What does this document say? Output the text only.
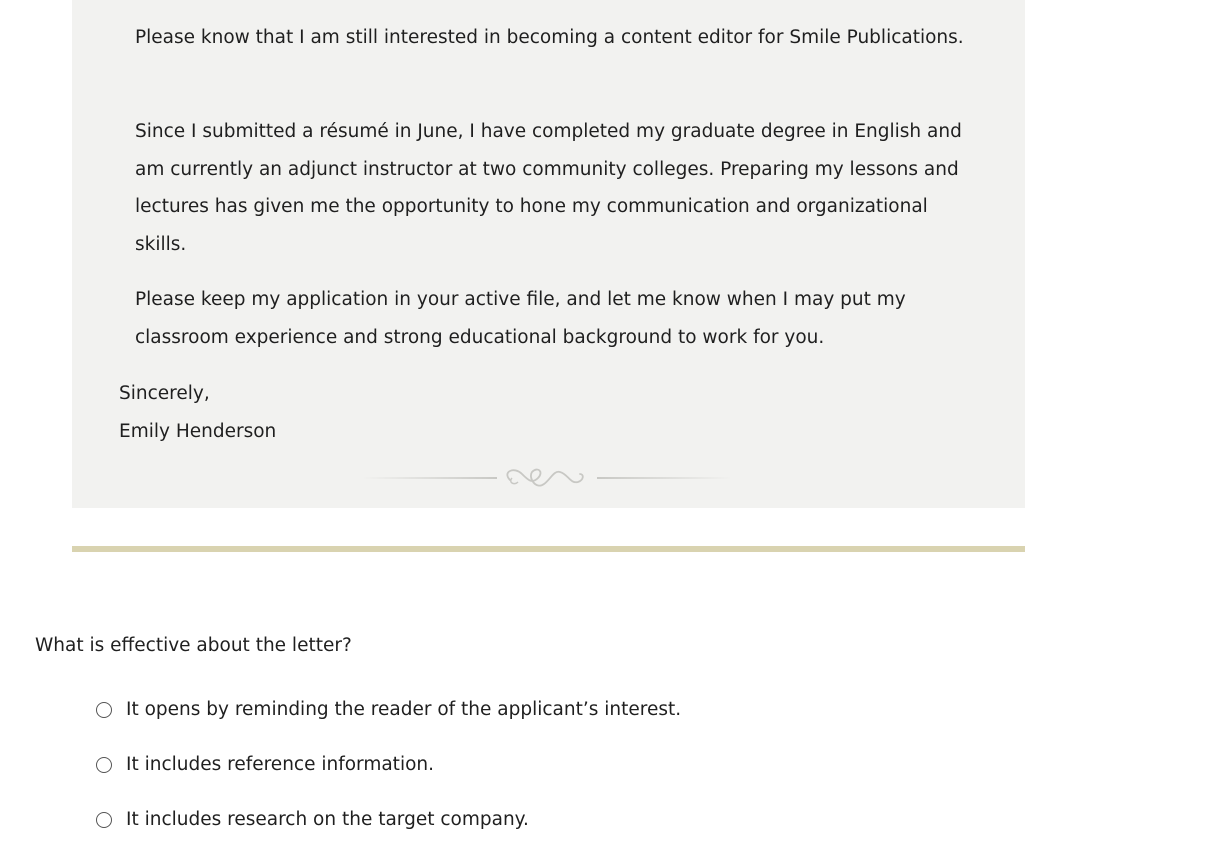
Please know that I am still interested in becoming a content editor for Smile Publications.

Since I submitted a résumé in June, I have completed my graduate degree in English and am currently an adjunct instructor at two community colleges. Preparing my lessons and lectures has given me the opportunity to hone my communication and organizational skills.

Please keep my application in your active file, and let me know when I may put my classroom experience and strong educational background to work for you.

Sincerely,

Emily Henderson

What is effective about the letter?

It opens by reminding the reader of the applicant’s interest.
It includes reference information.
It includes research on the target company.
